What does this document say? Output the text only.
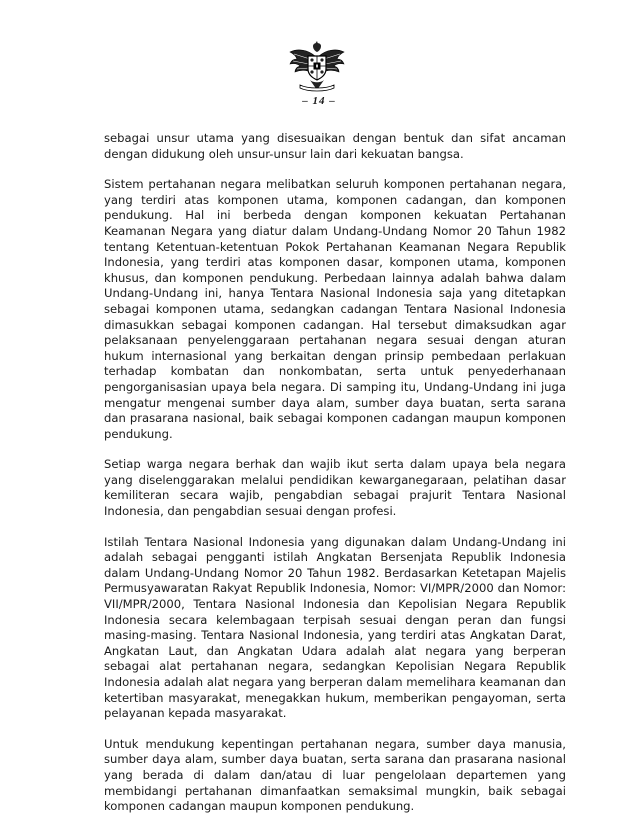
– 14 –

sebagai unsur utama yang disesuaikan dengan bentuk dan sifat ancaman dengan didukung oleh unsur-unsur lain dari kekuatan bangsa.

Sistem pertahanan negara melibatkan seluruh komponen pertahanan negara, yang terdiri atas komponen utama, komponen cadangan, dan komponen pendukung. Hal ini berbeda dengan komponen kekuatan Pertahanan Keamanan Negara yang diatur dalam Undang-Undang Nomor 20 Tahun 1982 tentang Ketentuan-ketentuan Pokok Pertahanan Keamanan Negara Republik Indonesia, yang terdiri atas komponen dasar, komponen utama, komponen khusus, dan komponen pendukung. Perbedaan lainnya adalah bahwa dalam Undang-Undang ini, hanya Tentara Nasional Indonesia saja yang ditetapkan sebagai komponen utama, sedangkan cadangan Tentara Nasional Indonesia dimasukkan sebagai komponen cadangan. Hal tersebut dimaksudkan agar pelaksanaan penyelenggaraan pertahanan negara sesuai dengan aturan hukum internasional yang berkaitan dengan prinsip pembedaan perlakuan terhadap kombatan dan nonkombatan, serta untuk penyederhanaan pengorganisasian upaya bela negara. Di samping itu, Undang-Undang ini juga mengatur mengenai sumber daya alam, sumber daya buatan, serta sarana dan prasarana nasional, baik sebagai komponen cadangan maupun komponen pendukung.

Setiap warga negara berhak dan wajib ikut serta dalam upaya bela negara yang diselenggarakan melalui pendidikan kewarganegaraan, pelatihan dasar kemiliteran secara wajib, pengabdian sebagai prajurit Tentara Nasional Indonesia, dan pengabdian sesuai dengan profesi.

Istilah Tentara Nasional Indonesia yang digunakan dalam Undang-Undang ini adalah sebagai pengganti istilah Angkatan Bersenjata Republik Indonesia dalam Undang-Undang Nomor 20 Tahun 1982. Berdasarkan Ketetapan Majelis Permusyawaratan Rakyat Republik Indonesia, Nomor: VI/MPR/2000 dan Nomor: VII/MPR/2000, Tentara Nasional Indonesia dan Kepolisian Negara Republik Indonesia secara kelembagaan terpisah sesuai dengan peran dan fungsi masing-masing. Tentara Nasional Indonesia, yang terdiri atas Angkatan Darat, Angkatan Laut, dan Angkatan Udara adalah alat negara yang berperan sebagai alat pertahanan negara, sedangkan Kepolisian Negara Republik Indonesia adalah alat negara yang berperan dalam memelihara keamanan dan ketertiban masyarakat, menegakkan hukum, memberikan pengayoman, serta pelayanan kepada masyarakat.

Untuk mendukung kepentingan pertahanan negara, sumber daya manusia, sumber daya alam, sumber daya buatan, serta sarana dan prasarana nasional yang berada di dalam dan/atau di luar pengelolaan departemen yang membidangi pertahanan dimanfaatkan semaksimal mungkin, baik sebagai komponen cadangan maupun komponen pendukung.
